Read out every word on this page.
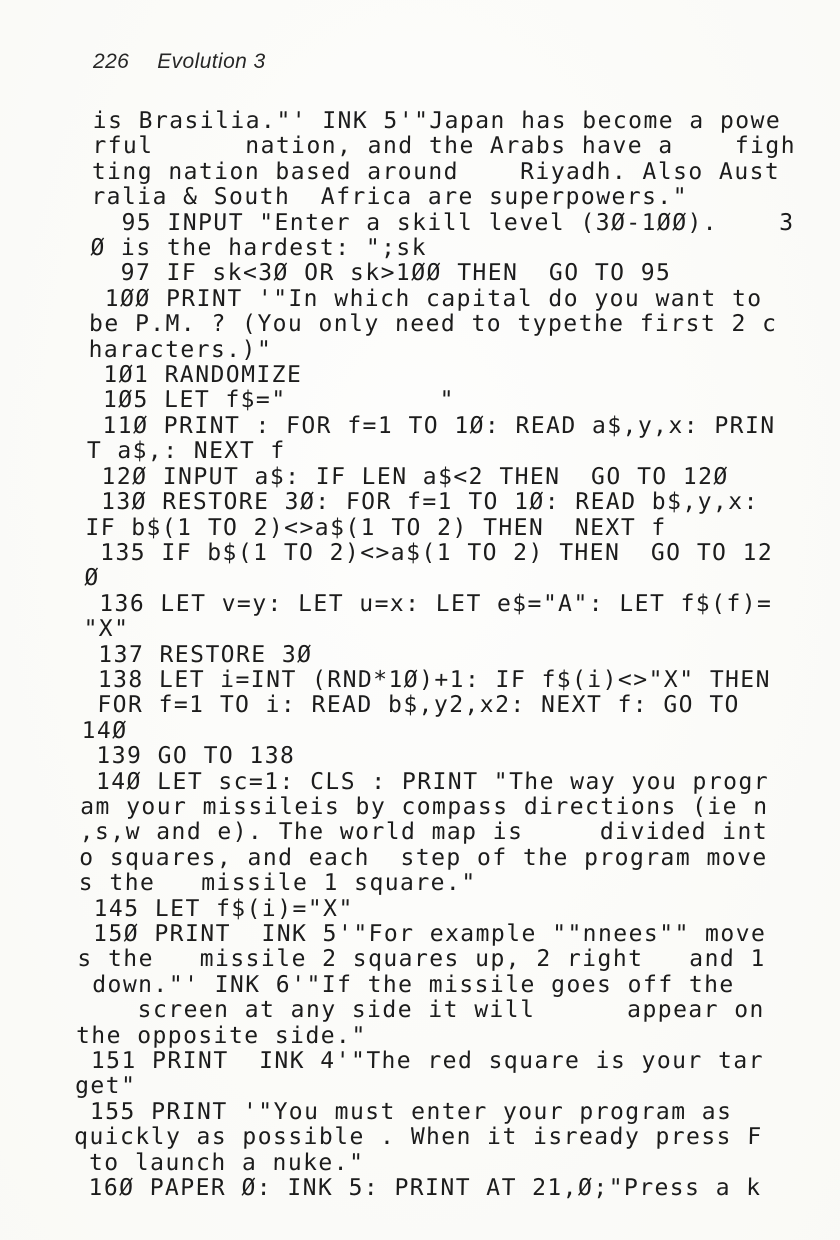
226 Evolution 3
is Brasilia."' INK 5'"Japan has become a powe
rful      nation, and the Arabs have a    figh
ting nation based around    Riyadh. Also Aust
ralia & South  Africa are superpowers."
95 INPUT "Enter a skill level (3Ø-1ØØ).    3
Ø is the hardest: ";sk
97 IF sk<3Ø OR sk>1ØØ THEN  GO TO 95
1ØØ PRINT '"In which capital do you want to
be P.M. ? (You only need to typethe first 2 c
haracters.)"
1Ø1 RANDOMIZE
1Ø5 LET f$="          "
11Ø PRINT : FOR f=1 TO 1Ø: READ a$,y,x: PRIN
T a$,: NEXT f
12Ø INPUT a$: IF LEN a$<2 THEN  GO TO 12Ø
13Ø RESTORE 3Ø: FOR f=1 TO 1Ø: READ b$,y,x:
IF b$(1 TO 2)<>a$(1 TO 2) THEN  NEXT f
135 IF b$(1 TO 2)<>a$(1 TO 2) THEN  GO TO 12
Ø
136 LET v=y: LET u=x: LET e$="A": LET f$(f)=
"X"
137 RESTORE 3Ø
138 LET i=INT (RND*1Ø)+1: IF f$(i)<>"X" THEN
FOR f=1 TO i: READ b$,y2,x2: NEXT f: GO TO
14Ø
139 GO TO 138
14Ø LET sc=1: CLS : PRINT "The way you progr
am your missileis by compass directions (ie n
,s,w and e). The world map is     divided int
o squares, and each  step of the program move
s the   missile 1 square."
145 LET f$(i)="X"
15Ø PRINT  INK 5'"For example ""nnees"" move
s the   missile 2 squares up, 2 right   and 1
down."' INK 6'"If the missile goes off the
screen at any side it will      appear on
the opposite side."
151 PRINT  INK 4'"The red square is your tar
get"
155 PRINT '"You must enter your program as
quickly as possible . When it isready press F
to launch a nuke."
16Ø PAPER Ø: INK 5: PRINT AT 21,Ø;"Press a k
